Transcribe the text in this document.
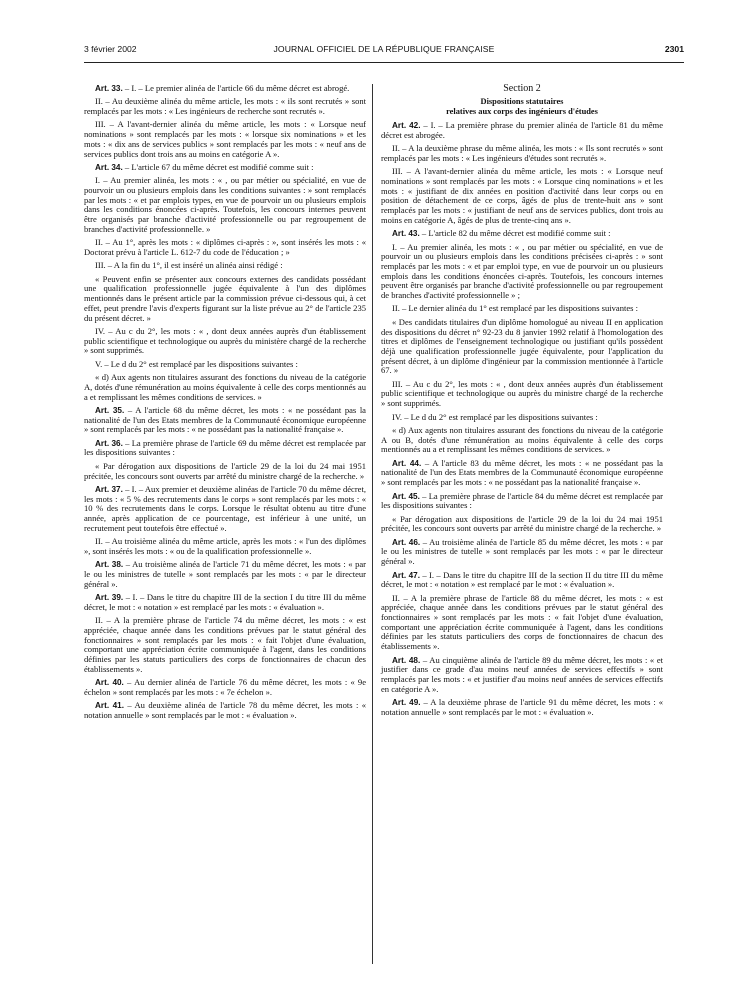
3 février 2002	JOURNAL OFFICIEL DE LA RÉPUBLIQUE FRANÇAISE	2301

Art. 33. – I. – Le premier alinéa de l'article 66 du même décret est abrogé.

II. – Au deuxième alinéa du même article, les mots : « ils sont recrutés » sont remplacés par les mots : « Les ingénieurs de recherche sont recrutés ».

III. – A l'avant-dernier alinéa du même article, les mots : « Lorsque neuf nominations » sont remplacés par les mots : « lorsque six nominations » et les mots : « dix ans de services publics » sont remplacés par les mots : « neuf ans de services publics dont trois ans au moins en catégorie A ».

Art. 34. – L'article 67 du même décret est modifié comme suit :

I. – Au premier alinéa, les mots : « , ou par métier ou spécialité, en vue de pourvoir un ou plusieurs emplois dans les conditions suivantes : » sont remplacés par les mots : « et par emplois types, en vue de pourvoir un ou plusieurs emplois dans les conditions énoncées ci-après. Toutefois, les concours internes peuvent être organisés par branche d'activité professionnelle ou par regroupement de branches d'activité professionnelle. »

II. – Au 1°, après les mots : « diplômes ci-après : », sont insérés les mots : « Doctorat prévu à l'article L. 612-7 du code de l'éducation ; »

III. – A la fin du 1°, il est inséré un alinéa ainsi rédigé :

« Peuvent enfin se présenter aux concours externes des candidats possédant une qualification professionnelle jugée équivalente à l'un des diplômes mentionnés dans le présent article par la commission prévue ci-dessous qui, à cet effet, peut prendre l'avis d'experts figurant sur la liste prévue au 2° de l'article 235 du présent décret. »

IV. – Au c du 2°, les mots : « , dont deux années auprès d'un établissement public scientifique et technologique ou auprès du ministère chargé de la recherche » sont supprimés.

V. – Le d du 2° est remplacé par les dispositions suivantes :

« d) Aux agents non titulaires assurant des fonctions du niveau de la catégorie A, dotés d'une rémunération au moins équivalente à celle des corps mentionnés au a et remplissant les mêmes conditions de services. »

Art. 35. – A l'article 68 du même décret, les mots : « ne possédant pas la nationalité de l'un des Etats membres de la Communauté économique européenne » sont remplacés par les mots : « ne possédant pas la nationalité française ».

Art. 36. – La première phrase de l'article 69 du même décret est remplacée par les dispositions suivantes :

« Par dérogation aux dispositions de l'article 29 de la loi du 24 mai 1951 précitée, les concours sont ouverts par arrêté du ministre chargé de la recherche. »

Art. 37. – I. – Aux premier et deuxième alinéas de l'article 70 du même décret, les mots : « 5 % des recrutements dans le corps » sont remplacés par les mots : « 10 % des recrutements dans le corps. Lorsque le résultat obtenu au titre d'une année, après application de ce pourcentage, est inférieur à une unité, un recrutement peut toutefois être effectué ».

II. – Au troisième alinéa du même article, après les mots : « l'un des diplômes », sont insérés les mots : « ou de la qualification professionnelle ».

Art. 38. – Au troisième alinéa de l'article 71 du même décret, les mots : « par le ou les ministres de tutelle » sont remplacés par les mots : « par le directeur général ».

Art. 39. – I. – Dans le titre du chapitre III de la section I du titre III du même décret, le mot : « notation » est remplacé par les mots : « évaluation ».

II. – A la première phrase de l'article 74 du même décret, les mots : « est appréciée, chaque année dans les conditions prévues par le statut général des fonctionnaires » sont remplacés par les mots : « fait l'objet d'une évaluation, comportant une appréciation écrite communiquée à l'agent, dans les conditions définies par les statuts particuliers des corps de fonctionnaires de chacun des établissements ».

Art. 40. – Au dernier alinéa de l'article 76 du même décret, les mots : « 9e échelon » sont remplacés par les mots : « 7e échelon ».

Art. 41. – Au deuxième alinéa de l'article 78 du même décret, les mots : « notation annuelle » sont remplacés par le mot : « évaluation ».

Section 2

Dispositions statutaires
relatives aux corps des ingénieurs d'études

Art. 42. – I. – La première phrase du premier alinéa de l'article 81 du même décret est abrogée.

II. – A la deuxième phrase du même alinéa, les mots : « Ils sont recrutés » sont remplacés par les mots : « Les ingénieurs d'études sont recrutés ».

III. – A l'avant-dernier alinéa du même article, les mots : « Lorsque neuf nominations » sont remplacés par les mots : « Lorsque cinq nominations » et les mots : « justifiant de dix années en position d'activité dans leur corps ou en position de détachement de ce corps, âgés de plus de trente-huit ans » sont remplacés par les mots : « justifiant de neuf ans de services publics, dont trois au moins en catégorie A, âgés de plus de trente-cinq ans ».

Art. 43. – L'article 82 du même décret est modifié comme suit :

I. – Au premier alinéa, les mots : « , ou par métier ou spécialité, en vue de pourvoir un ou plusieurs emplois dans les conditions précisées ci-après : » sont remplacés par les mots : « et par emploi type, en vue de pourvoir un ou plusieurs emplois dans les conditions énoncées ci-après. Toutefois, les concours internes peuvent être organisés par branche d'activité professionnelle ou par regroupement de branches d'activité professionnelle » ;

II. – Le dernier alinéa du 1° est remplacé par les dispositions suivantes :

« Des candidats titulaires d'un diplôme homologué au niveau II en application des dispositions du décret n° 92-23 du 8 janvier 1992 relatif à l'homologation des titres et diplômes de l'enseignement technologique ou justifiant qu'ils possèdent déjà une qualification professionnelle jugée équivalente, pour l'application du présent décret, à un diplôme d'ingénieur par la commission mentionnée à l'article 67. »

III. – Au c du 2°, les mots : « , dont deux années auprès d'un établissement public scientifique et technologique ou auprès du ministre chargé de la recherche » sont supprimés.

IV. – Le d du 2° est remplacé par les dispositions suivantes :

« d) Aux agents non titulaires assurant des fonctions du niveau de la catégorie A ou B, dotés d'une rémunération au moins équivalente à celle des corps mentionnés au a et remplissant les mêmes conditions de services. »

Art. 44. – A l'article 83 du même décret, les mots : « ne possédant pas la nationalité de l'un des Etats membres de la Communauté économique européenne » sont remplacés par les mots : « ne possédant pas la nationalité française ».

Art. 45. – La première phrase de l'article 84 du même décret est remplacée par les dispositions suivantes :

« Par dérogation aux dispositions de l'article 29 de la loi du 24 mai 1951 précitée, les concours sont ouverts par arrêté du ministre chargé de la recherche. »

Art. 46. – Au troisième alinéa de l'article 85 du même décret, les mots : « par le ou les ministres de tutelle » sont remplacés par les mots : « par le directeur général ».

Art. 47. – I. – Dans le titre du chapitre III de la section II du titre III du même décret, le mot : « notation » est remplacé par le mot : « évaluation ».

II. – A la première phrase de l'article 88 du même décret, les mots : « est appréciée, chaque année dans les conditions prévues par le statut général des fonctionnaires » sont remplacés par les mots : « fait l'objet d'une évaluation, comportant une appréciation écrite communiquée à l'agent, dans les conditions définies par les statuts particuliers des corps de fonctionnaires de chacun des établissements ».

Art. 48. – Au cinquième alinéa de l'article 89 du même décret, les mots : « et justifier dans ce grade d'au moins neuf années de services effectifs » sont remplacés par les mots : « et justifier d'au moins neuf années de services effectifs en catégorie A ».

Art. 49. – A la deuxième phrase de l'article 91 du même décret, les mots : « notation annuelle » sont remplacés par le mot : « évaluation ».
